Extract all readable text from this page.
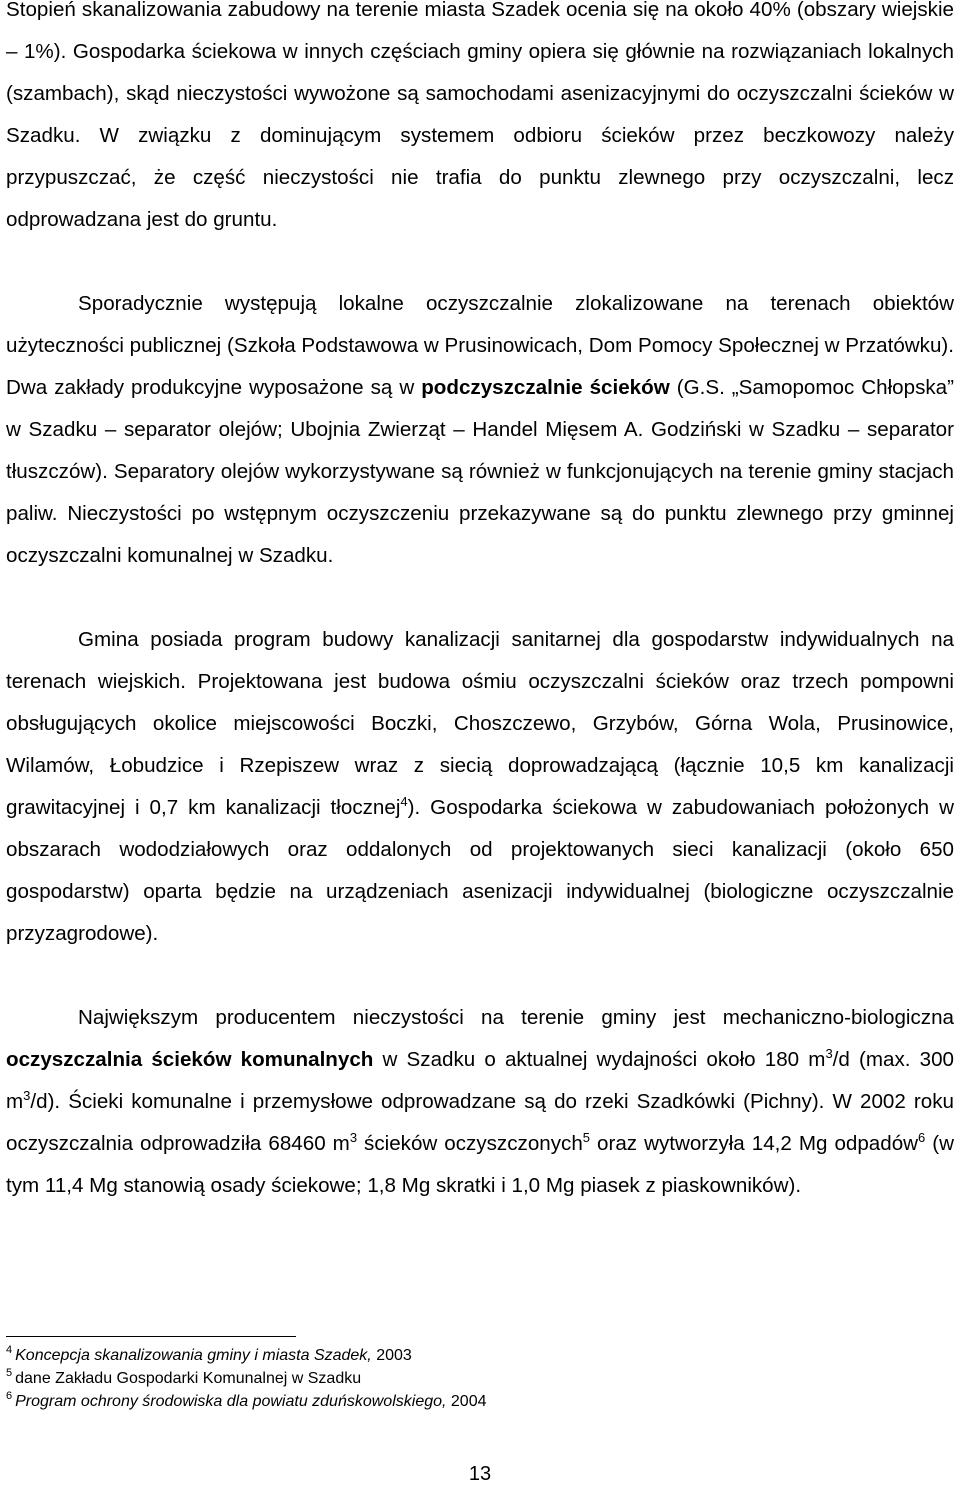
Stopień skanalizowania zabudowy na terenie miasta Szadek ocenia się na około 40% (obszary wiejskie – 1%). Gospodarka ściekowa w innych częściach gminy opiera się głównie na rozwiązaniach lokalnych (szambach), skąd nieczystości wywożone są samochodami asenizacyjnymi do oczyszczalni ścieków w Szadku. W związku z dominującym systemem odbioru ścieków przez beczkowozy należy przypuszczać, że część nieczystości nie trafia do punktu zlewnego przy oczyszczalni, lecz odprowadzana jest do gruntu.

Sporadycznie występują lokalne oczyszczalnie zlokalizowane na terenach obiektów użyteczności publicznej (Szkoła Podstawowa w Prusinowicach, Dom Pomocy Społecznej w Przatówku). Dwa zakłady produkcyjne wyposażone są w podczyszczalnie ścieków (G.S. „Samopomoc Chłopska” w Szadku – separator olejów; Ubojnia Zwierząt – Handel Mięsem A. Godziński w Szadku – separator tłuszczów). Separatory olejów wykorzystywane są również w funkcjonujących na terenie gminy stacjach paliw. Nieczystości po wstępnym oczyszczeniu przekazywane są do punktu zlewnego przy gminnej oczyszczalni komunalnej w Szadku.

Gmina posiada program budowy kanalizacji sanitarnej dla gospodarstw indywidualnych na terenach wiejskich. Projektowana jest budowa ośmiu oczyszczalni ścieków oraz trzech pompowni obsługujących okolice miejscowości Boczki, Choszczewo, Grzybów, Górna Wola, Prusinowice, Wilamów, Łobudzice i Rzepiszew wraz z siecią doprowadzającą (łącznie 10,5 km kanalizacji grawitacyjnej i 0,7 km kanalizacji tłocznej$^4$). Gospodarka ściekowa w zabudowaniach położonych w obszarach wododziałowych oraz oddalonych od projektowanych sieci kanalizacji (około 650 gospodarstw) oparta będzie na urządzeniach asenizacji indywidualnej (biologiczne oczyszczalnie przyzagrodowe).

Największym producentem nieczystości na terenie gminy jest mechaniczno-biologiczna oczyszczalnia ścieków komunalnych w Szadku o aktualnej wydajności około 180 $m^3/d$ (max. 300 $m^3/d$). Ścieki komunalne i przemysłowe odprowadzane są do rzeki Szadkówki (Pichny). W 2002 roku oczyszczalnia odprowadziła 68460 $m^3$ ścieków oczyszczonych$^5$ oraz wytworzyła 14,2 Mg odpadów$^6$ (w tym 11,4 Mg stanowią osady ściekowe; 1,8 Mg skratki i 1,0 Mg piasek z piaskowników).

$^4$ Koncepcja skanalizowania gminy i miasta Szadek, 2003
$^5$ dane Zakładu Gospodarki Komunalnej w Szadku
$^6$ Program ochrony środowiska dla powiatu zduńskowolskiego, 2004
13
